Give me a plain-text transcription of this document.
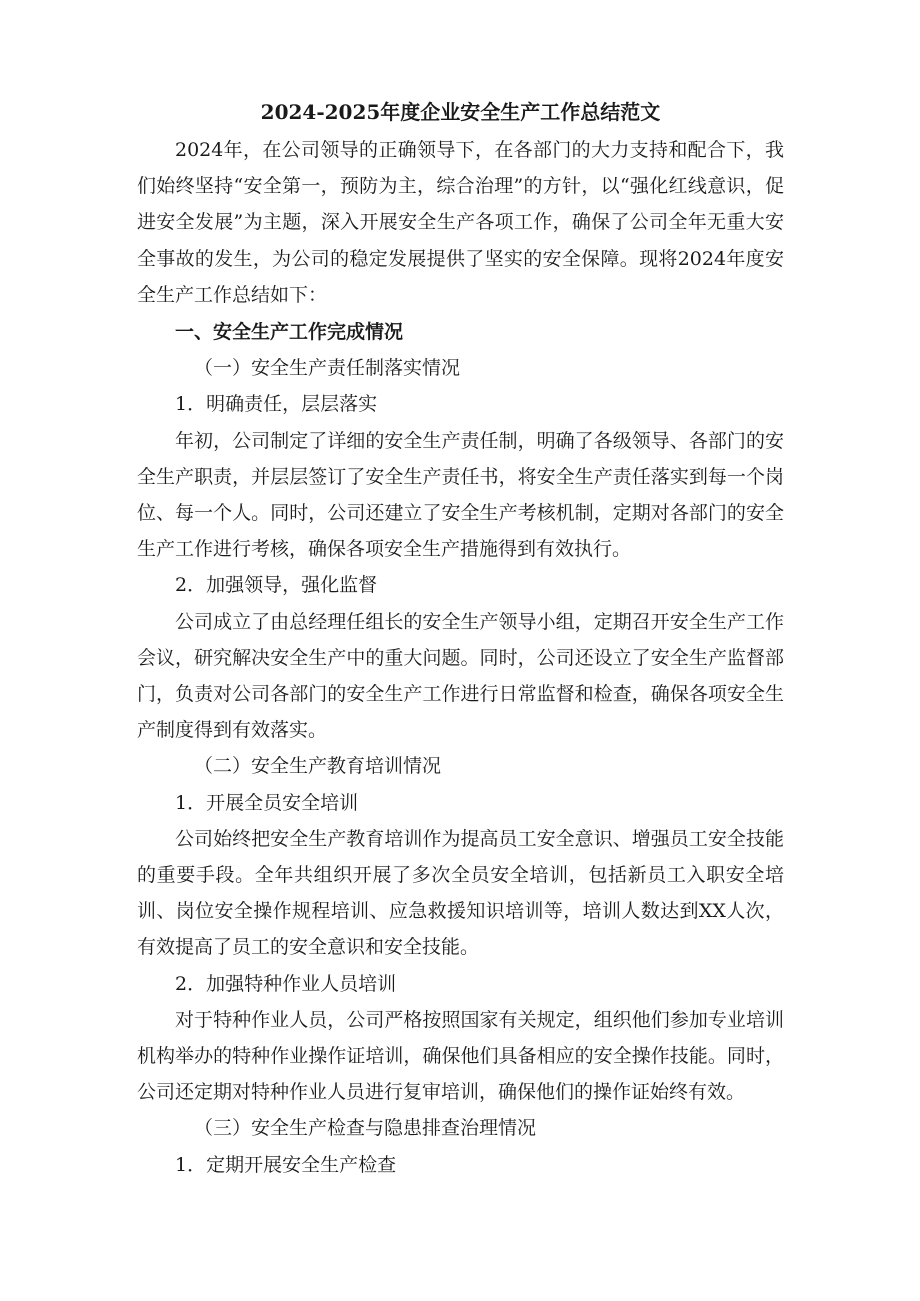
2024-2025年度企业安全生产工作总结范文

2024年，在公司领导的正确领导下，在各部门的大力支持和配合下，我们始终坚持“安全第一，预防为主，综合治理”的方针，以“强化红线意识，促进安全发展”为主题，深入开展安全生产各项工作，确保了公司全年无重大安全事故的发生，为公司的稳定发展提供了坚实的安全保障。现将2024年度安全生产工作总结如下：

一、安全生产工作完成情况

（一）安全生产责任制落实情况

1．明确责任，层层落实

年初，公司制定了详细的安全生产责任制，明确了各级领导、各部门的安全生产职责，并层层签订了安全生产责任书，将安全生产责任落实到每一个岗位、每一个人。同时，公司还建立了安全生产考核机制，定期对各部门的安全生产工作进行考核，确保各项安全生产措施得到有效执行。

2．加强领导，强化监督

公司成立了由总经理任组长的安全生产领导小组，定期召开安全生产工作会议，研究解决安全生产中的重大问题。同时，公司还设立了安全生产监督部门，负责对公司各部门的安全生产工作进行日常监督和检查，确保各项安全生产制度得到有效落实。

（二）安全生产教育培训情况

1．开展全员安全培训

公司始终把安全生产教育培训作为提高员工安全意识、增强员工安全技能的重要手段。全年共组织开展了多次全员安全培训，包括新员工入职安全培训、岗位安全操作规程培训、应急救援知识培训等，培训人数达到XX人次，有效提高了员工的安全意识和安全技能。

2．加强特种作业人员培训

对于特种作业人员，公司严格按照国家有关规定，组织他们参加专业培训机构举办的特种作业操作证培训，确保他们具备相应的安全操作技能。同时，公司还定期对特种作业人员进行复审培训，确保他们的操作证始终有效。

（三）安全生产检查与隐患排查治理情况

1．定期开展安全生产检查
